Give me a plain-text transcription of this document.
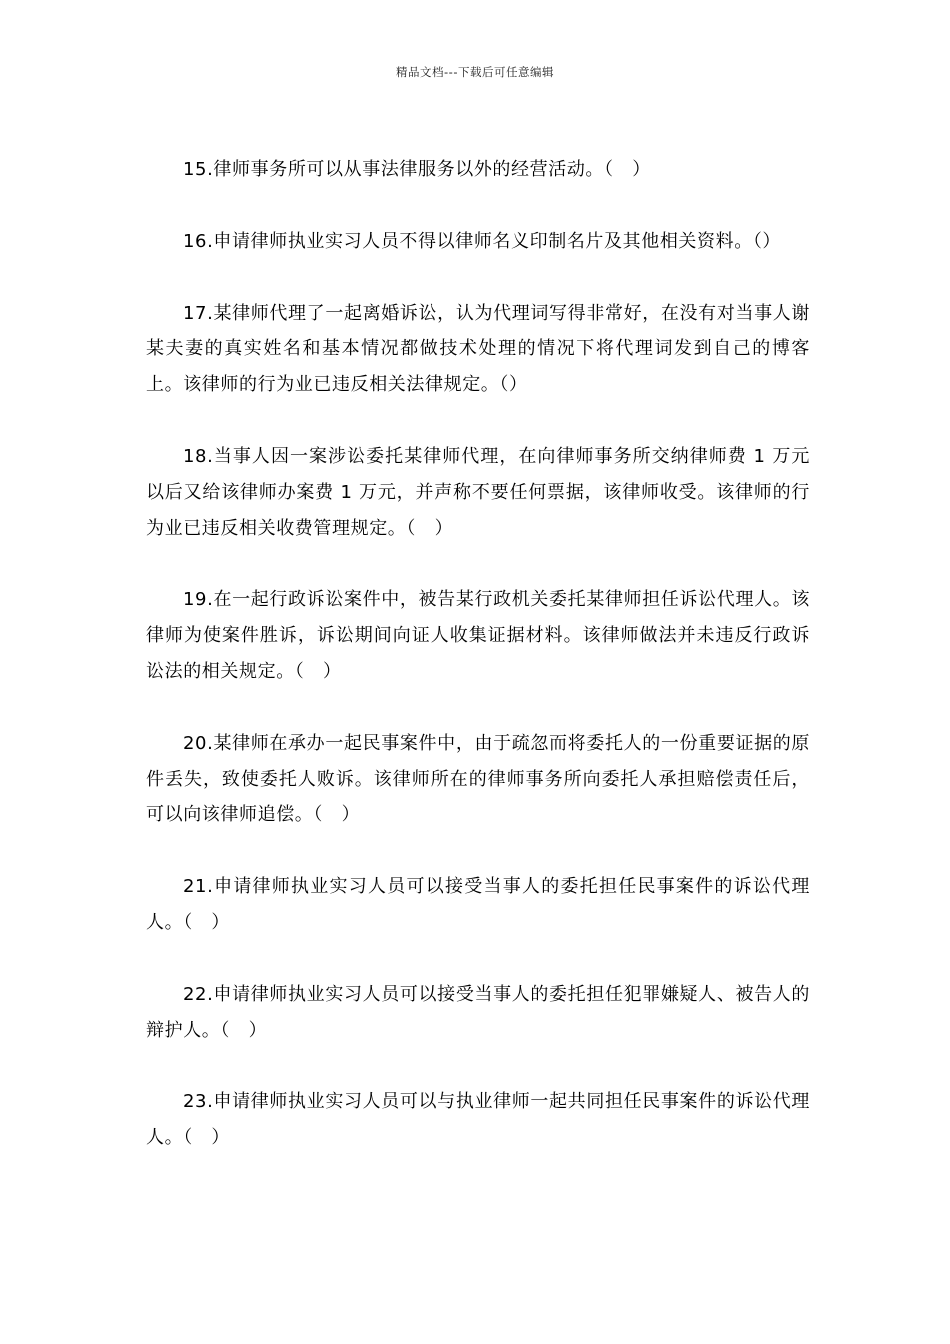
精品文档---下载后可任意编辑
15.律师事务所可以从事法律服务以外的经营活动。（　）
16.申请律师执业实习人员不得以律师名义印制名片及其他相关资料。（）
17.某律师代理了一起离婚诉讼，认为代理词写得非常好，在没有对当事人谢某夫妻的真实姓名和基本情况都做技术处理的情况下将代理词发到自己的博客上。该律师的行为业已违反相关法律规定。（）
18.当事人因一案涉讼委托某律师代理，在向律师事务所交纳律师费 1 万元以后又给该律师办案费 1 万元，并声称不要任何票据，该律师收受。该律师的行为业已违反相关收费管理规定。（　）
19.在一起行政诉讼案件中，被告某行政机关委托某律师担任诉讼代理人。该律师为使案件胜诉，诉讼期间向证人收集证据材料。该律师做法并未违反行政诉讼法的相关规定。（　）
20.某律师在承办一起民事案件中，由于疏忽而将委托人的一份重要证据的原件丢失，致使委托人败诉。该律师所在的律师事务所向委托人承担赔偿责任后，可以向该律师追偿。（　）
21.申请律师执业实习人员可以接受当事人的委托担任民事案件的诉讼代理人。（　）
22.申请律师执业实习人员可以接受当事人的委托担任犯罪嫌疑人、被告人的辩护人。（　）
23.申请律师执业实习人员可以与执业律师一起共同担任民事案件的诉讼代理人。（　）
